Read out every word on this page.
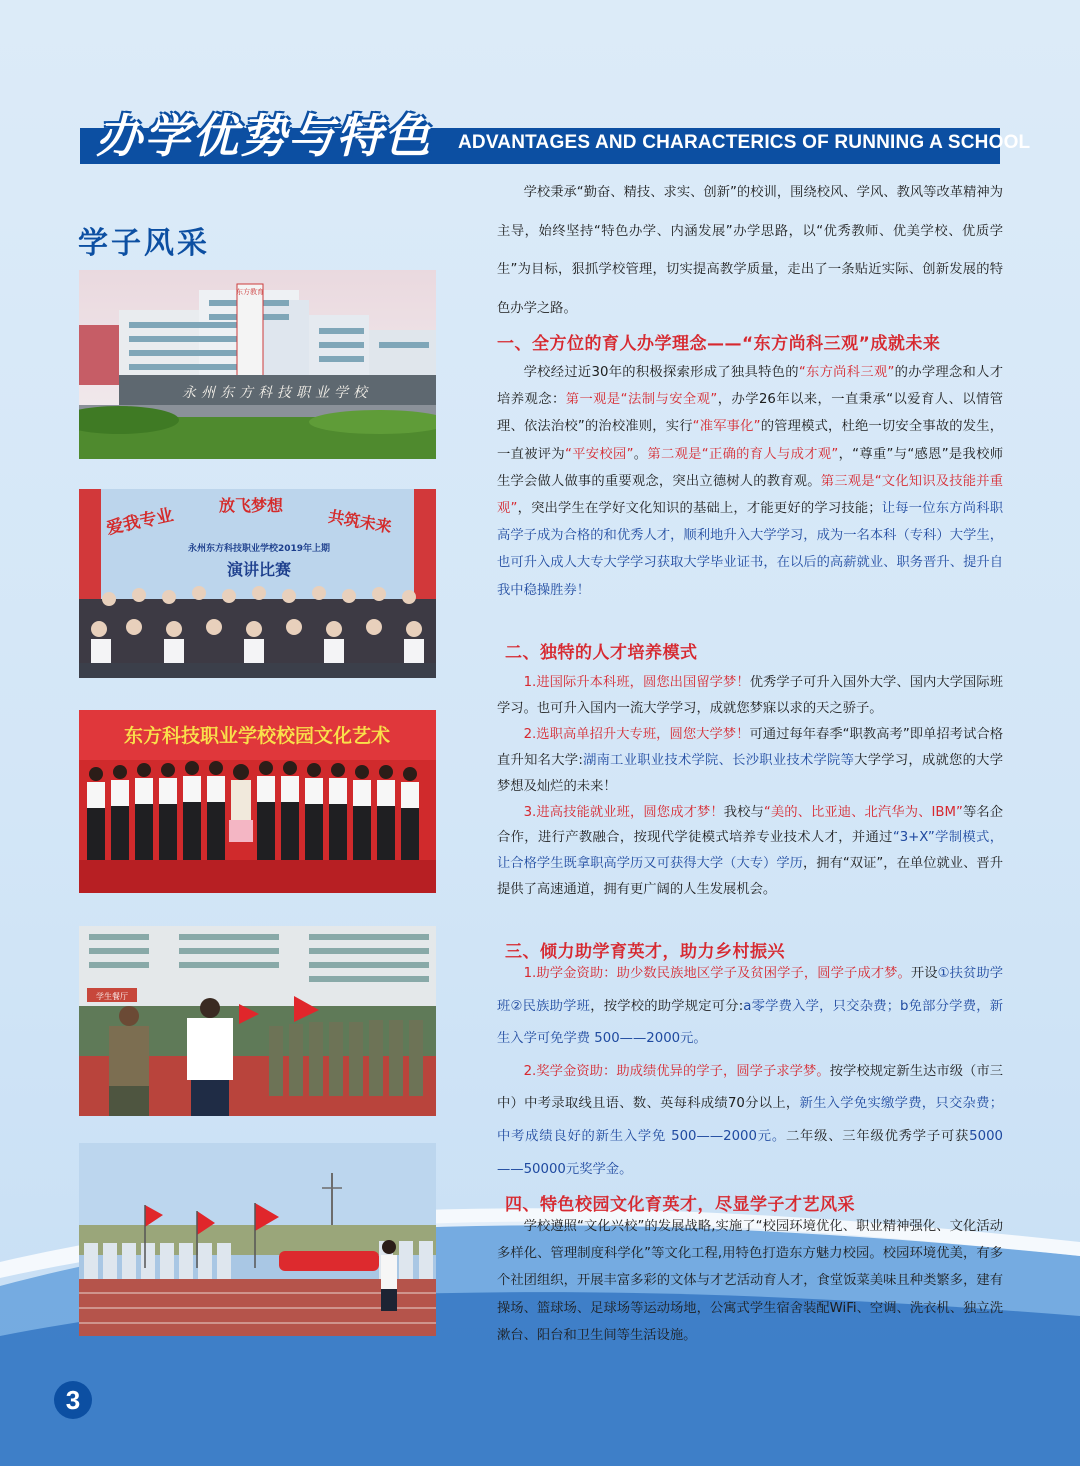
办学优势与特色 ADVANTAGES AND CHARACTERICS OF RUNNING A SCHOOL
学子风采
东方教育
永州东方科技职业学校
爱我专业	放飞梦想
共筑未来
永州东方科技职业学校2019年上期
演讲比赛
东方科技职业学校校园文化艺术
学生餐厅

学校秉承“勤奋、精技、求实、创新”的校训，围绕校风、学风、教风等改革精神为主导，始终坚持“特色办学、内涵发展”办学思路，以“优秀教师、优美学校、优质学生”为目标，狠抓学校管理，切实提高教学质量，走出了一条贴近实际、创新发展的特色办学之路。

一、全方位的育人办学理念——“东方尚科三观”成就未来

学校经过近30年的积极探索形成了独具特色的“东方尚科三观”的办学理念和人才培养观念：第一观是“法制与安全观”，办学26年以来，一直秉承“以爱育人、以情管理、依法治校”的治校准则，实行“准军事化”的管理模式，杜绝一切安全事故的发生，一直被评为“平安校园”。第二观是“正确的育人与成才观”，“尊重”与“感恩”是我校师生学会做人做事的重要观念，突出立德树人的教育观。第三观是“文化知识及技能并重观”，突出学生在学好文化知识的基础上，才能更好的学习技能；让每一位东方尚科职高学子成为合格的和优秀人才，顺利地升入大学学习，成为一名本科（专科）大学生，也可升入成人大专大学学习获取大学毕业证书，在以后的高薪就业、职务晋升、提升自我中稳操胜券！

二、独特的人才培养模式

1.进国际升本科班，圆您出国留学梦！优秀学子可升入国外大学、国内大学国际班学习。也可升入国内一流大学学习，成就您梦寐以求的天之骄子。

2.选职高单招升大专班，圆您大学梦！可通过每年春季“职教高考”即单招考试合格直升知名大学:湖南工业职业技术学院、长沙职业技术学院等大学学习，成就您的大学梦想及灿烂的未来！

3.进高技能就业班，圆您成才梦！我校与“美的、比亚迪、北汽华为、IBM”等名企合作，进行产教融合，按现代学徒模式培养专业技术人才，并通过“3+X”学制模式，让合格学生既拿职高学历又可获得大学（大专）学历，拥有“双证”，在单位就业、晋升提供了高速通道，拥有更广阔的人生发展机会。

三、倾力助学育英才，助力乡村振兴

1.助学金资助：助少数民族地区学子及贫困学子，圆学子成才梦。开设①扶贫助学班②民族助学班，按学校的助学规定可分:a零学费入学，只交杂费；b免部分学费，新生入学可免学费 500——2000元。

2.奖学金资助：助成绩优异的学子，圆学子求学梦。按学校规定新生达市级（市三中）中考录取线且语、数、英每科成绩70分以上，新生入学免实缴学费，只交杂费；中考成绩良好的新生入学免 500——2000元。二年级、三年级优秀学子可获5000——50000元奖学金。

四、特色校园文化育英才，尽显学子才艺风采

学校遵照“文化兴校”的发展战略,实施了“校园环境优化、职业精神强化、文化活动多样化、管理制度科学化”等文化工程,用特色打造东方魅力校园。校园环境优美，有多个社团组织，开展丰富多彩的文体与才艺活动育人才，食堂饭菜美味且种类繁多，建有操场、篮球场、足球场等运动场地，公寓式学生宿舍装配WiFi、空调、洗衣机、独立洗漱台、阳台和卫生间等生活设施。

3
